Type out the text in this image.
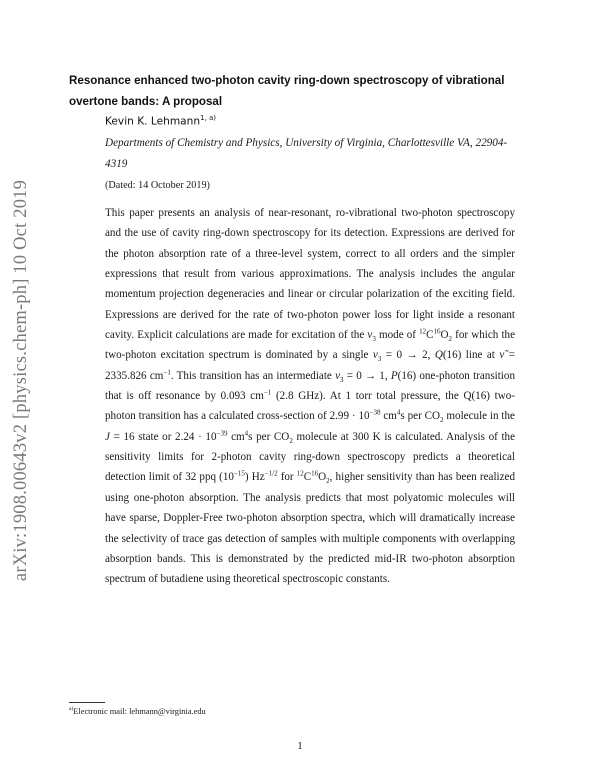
arXiv:1908.00643v2 [physics.chem-ph] 10 Oct 2019
Resonance enhanced two-photon cavity ring-down spectroscopy of vibrational overtone bands: A proposal
Kevin K. Lehmann$^{1, a)}$
Departments of Chemistry and Physics, University of Virginia, Charlottesville VA, 22904-4319
(Dated: 14 October 2019)
This paper presents an analysis of near-resonant, ro-vibrational two-photon spectroscopy and the use of cavity ring-down spectroscopy for its detection. Expressions are derived for the photon absorption rate of a three-level system, correct to all orders and the simpler expressions that result from various approximations. The analysis includes the angular momentum projection degeneracies and linear or circular polarization of the exciting field. Expressions are derived for the rate of two-photon power loss for light inside a resonant cavity. Explicit calculations are made for excitation of the $\nu_3$ mode of $^{12}C^{16}O_2$ for which the two-photon excitation spectrum is dominated by a single $\nu_3 = 0 \to 2$, Q(16) line at ν̃ = 2335.826 $cm^{-1}$. This transition has an intermediate $\nu_3 = 0 \to 1$, P(16) one-photon transition that is off resonance by 0.093 $cm^{-1}$ (2.8 GHz). At 1 torr total pressure, the Q(16) two-photon transition has a calculated cross-section of $2.99 \cdot 10^{-38}$ $cm^4s$ per $CO_2$ molecule in the J = 16 state or $2.24 \cdot 10^{-39}$ $cm^4s$ per $CO_2$ molecule at 300 K is calculated. Analysis of the sensitivity limits for 2-photon cavity ring-down spectroscopy predicts a theoretical detection limit of 32 ppq $(10^{-15})$ $Hz^{-1/2}$ for $^{12}C^{16}O_2$, higher sensitivity than has been realized using one-photon absorption. The analysis predicts that most polyatomic molecules will have sparse, Doppler-Free two-photon absorption spectra, which will dramatically increase the selectivity of trace gas detection of samples with multiple components with overlapping absorption bands. This is demonstrated by the predicted mid-IR two-photon absorption spectrum of butadiene using theoretical spectroscopic constants.
$^{a)}$Electronic mail: lehmann@virginia.edu
1
